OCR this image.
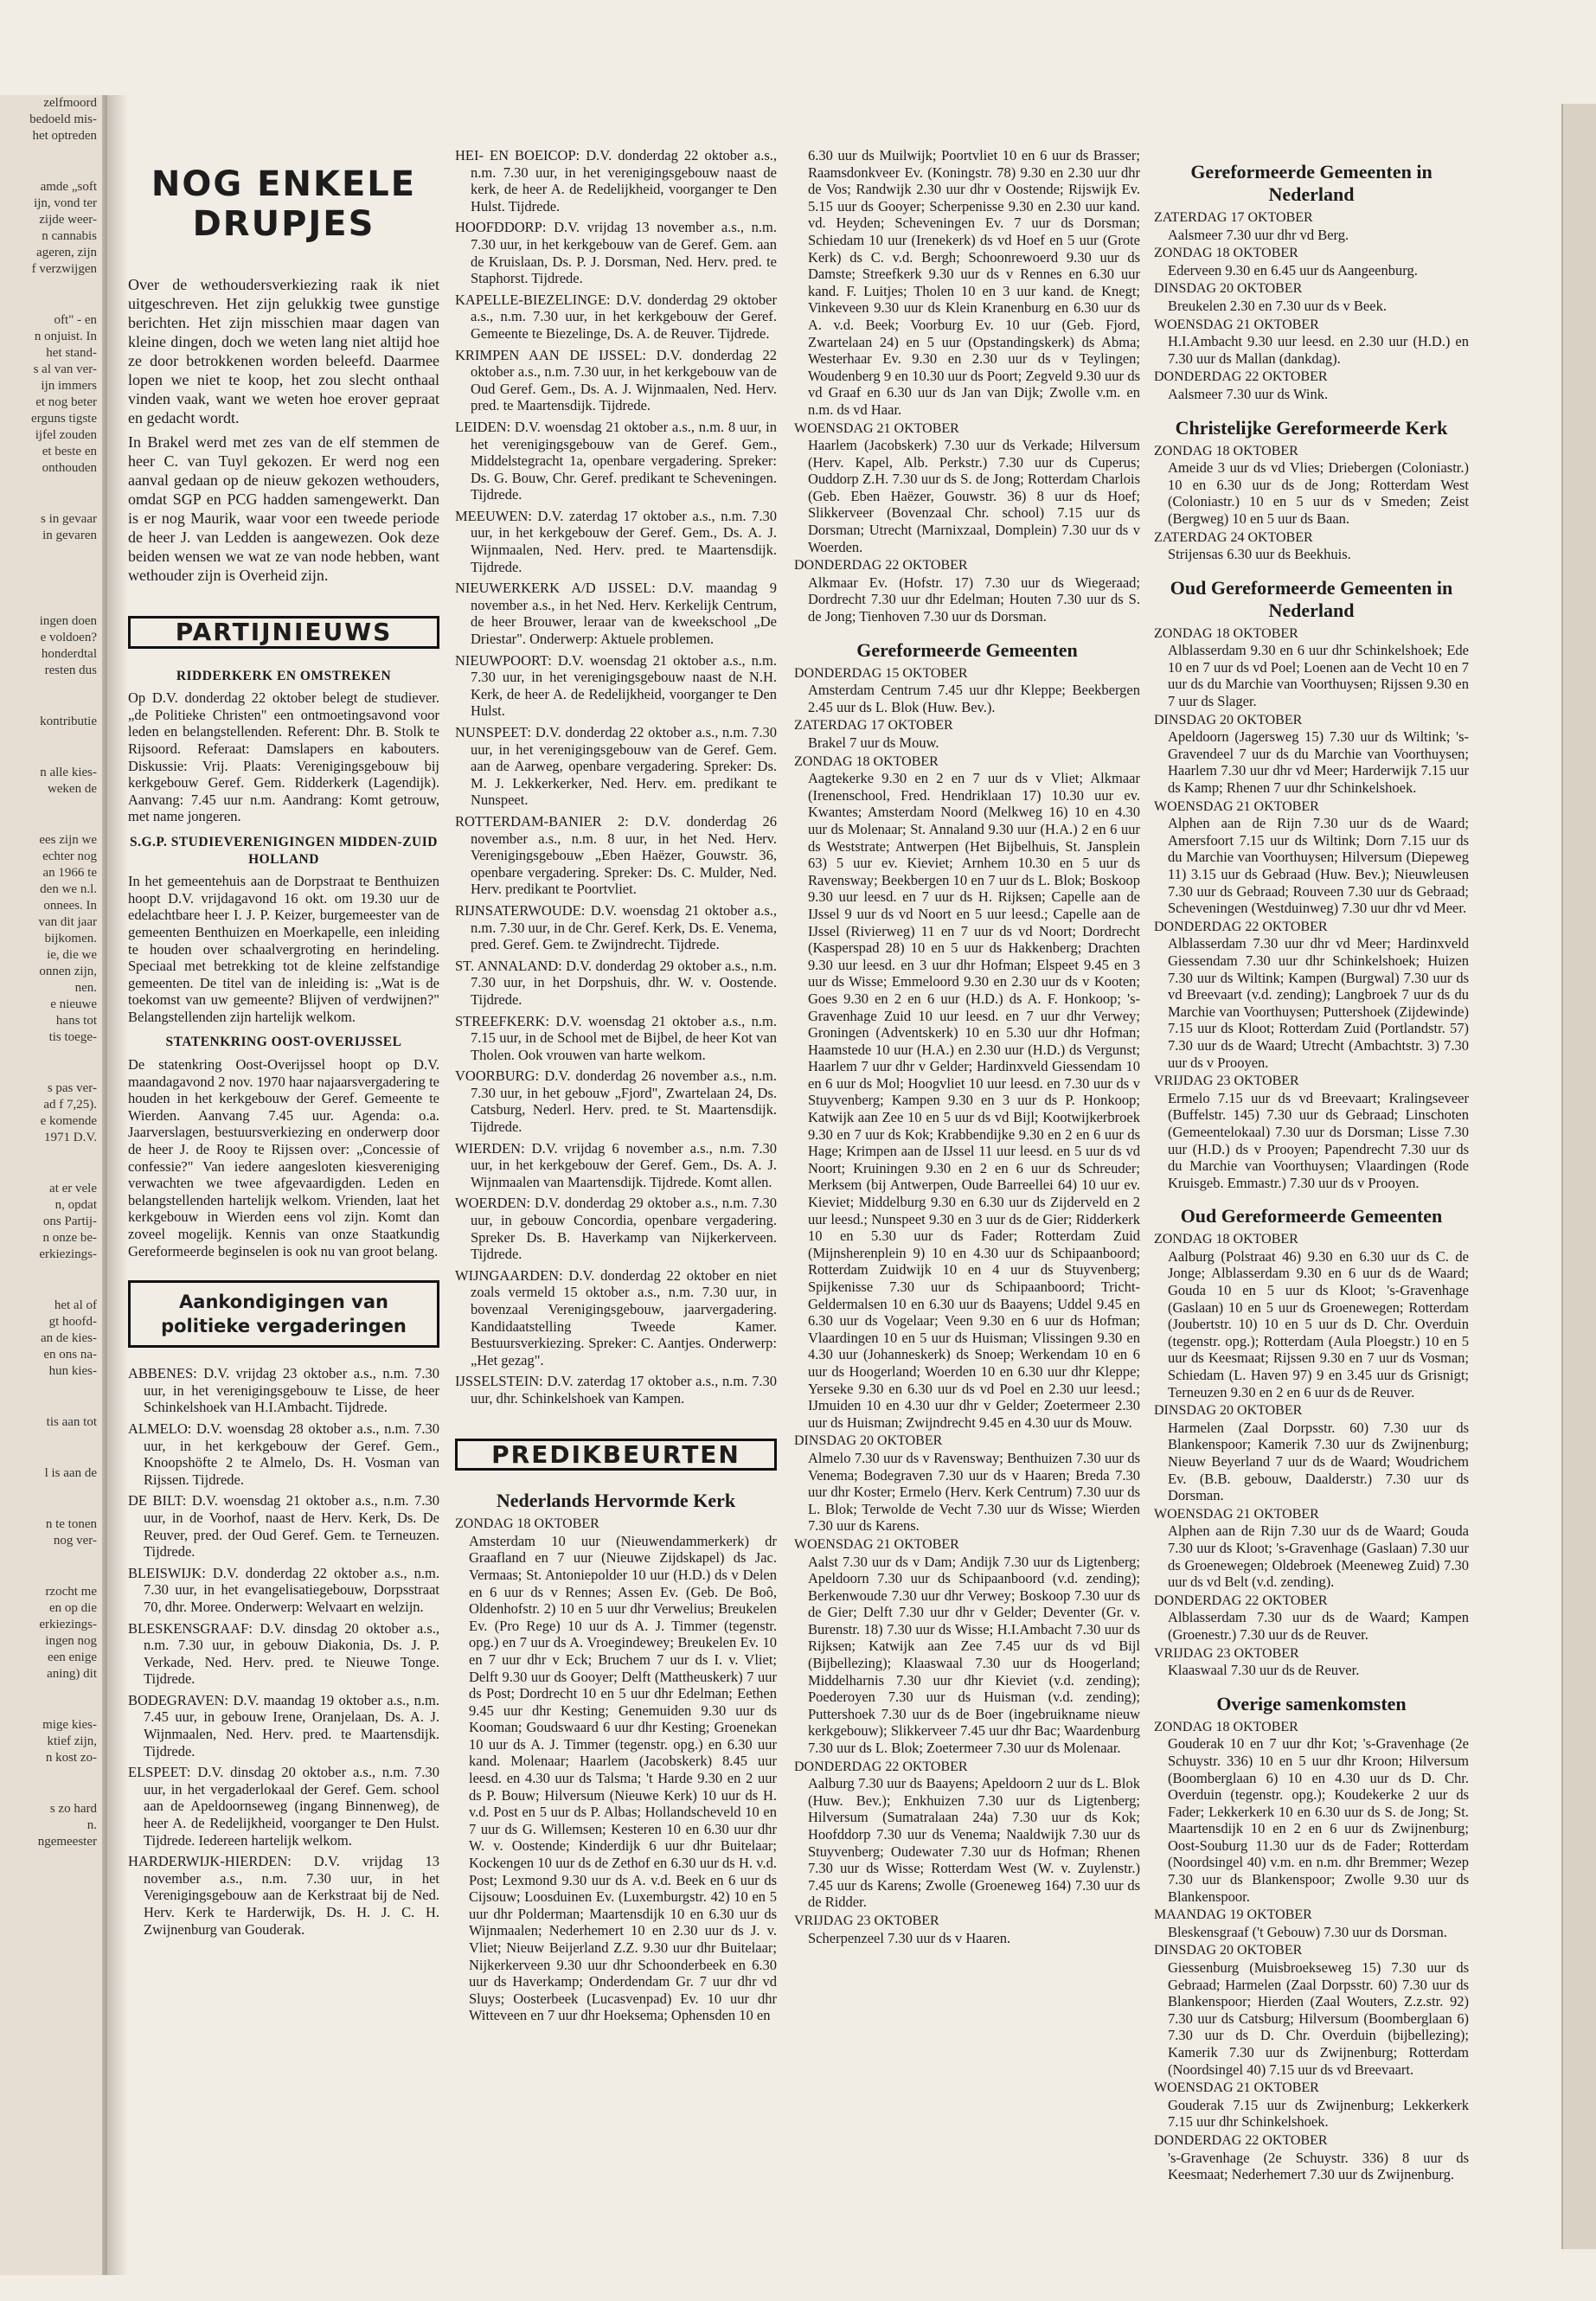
zelfmoord
bedoeld mis-
het optreden
amde „soft
ijn, vond ter
zijde weer-
n cannabis
ageren, zijn
f verzwijgen
oft" - en
n onjuist. In
het stand-
s al van ver-
ijn immers
et nog beter
erguns tigste
ijfel zouden
et beste en
onthouden
s in gevaar
in gevaren
ingen doen
e voldoen?
honderdtal
resten dus
kontributie
n alle kies-
weken de
ees zijn we
echter nog
an 1966 te
den we n.l.
onnees. In
van dit jaar
bijkomen.
ie, die we
onnen zijn,
nen.
e nieuwe
hans tot
tis toege-
s pas ver-
ad f 7,25).
e komende
1971 D.V.
at er vele
n, opdat
ons Partij-
n onze be-
erkiezings-
het al of
gt hoofd-
an de kies-
en ons na-
hun kies-
tis aan tot
l is aan de
n te tonen
nog ver-
rzocht me
en op die
erkiezings-
ingen nog
een enige
aning) dit
mige kies-
ktief zijn,
n kost zo-
s zo hard
n.
ngemeester
NOG ENKELE DRUPJES

Over de wethoudersverkiezing raak ik niet uitgeschreven. Het zijn gelukkig twee gunstige berichten. Het zijn misschien maar dagen van kleine dingen, doch we weten lang niet altijd hoe ze door betrokkenen worden beleefd. Daarmee lopen we niet te koop, het zou slecht onthaal vinden vaak, want we weten hoe erover gepraat en gedacht wordt.

In Brakel werd met zes van de elf stemmen de heer C. van Tuyl gekozen. Er werd nog een aanval gedaan op de nieuw gekozen wethouders, omdat SGP en PCG hadden samengewerkt. Dan is er nog Maurik, waar voor een tweede periode de heer J. van Ledden is aangewezen. Ook deze beiden wensen we wat ze van node hebben, want wethouder zijn is Overheid zijn.

PARTIJNIEUWS
RIDDERKERK EN OMSTREKEN

Op D.V. donderdag 22 oktober belegt de studiever. „de Politieke Christen" een ontmoetingsavond voor leden en belangstellenden. Referent: Dhr. B. Stolk te Rijsoord. Referaat: Damslapers en kabouters. Diskussie: Vrij. Plaats: Verenigingsgebouw bij kerkgebouw Geref. Gem. Ridderkerk (Lagendijk). Aanvang: 7.45 uur n.m. Aandrang: Komt getrouw, met name jongeren.

S.G.P. STUDIEVERENIGINGEN MIDDEN-ZUID HOLLAND

In het gemeentehuis aan de Dorpstraat te Benthuizen hoopt D.V. vrijdagavond 16 okt. om 19.30 uur de edelachtbare heer I. J. P. Keizer, burgemeester van de gemeenten Benthuizen en Moerkapelle, een inleiding te houden over schaalvergroting en herindeling. Speciaal met betrekking tot de kleine zelfstandige gemeenten. De titel van de inleiding is: „Wat is de toekomst van uw gemeente? Blijven of verdwijnen?" Belangstellenden zijn hartelijk welkom.

STATENKRING OOST-OVERIJSSEL

De statenkring Oost-Overijssel hoopt op D.V. maandagavond 2 nov. 1970 haar najaarsvergadering te houden in het kerkgebouw der Geref. Gemeente te Wierden. Aanvang 7.45 uur. Agenda: o.a. Jaarverslagen, bestuursverkiezing en onderwerp door de heer J. de Rooy te Rijssen over: „Concessie of confessie?" Van iedere aangesloten kiesvereniging verwachten we twee afgevaardigden. Leden en belangstellenden hartelijk welkom. Vrienden, laat het kerkgebouw in Wierden eens vol zijn. Komt dan zoveel mogelijk. Kennis van onze Staatkundig Gereformeerde beginselen is ook nu van groot belang.

Aankondigingen van politieke vergaderingen

ABBENES: D.V. vrijdag 23 oktober a.s., n.m. 7.30 uur, in het verenigingsgebouw te Lisse, de heer Schinkelshoek van H.I.Ambacht. Tijdrede.

ALMELO: D.V. woensdag 28 oktober a.s., n.m. 7.30 uur, in het kerkgebouw der Geref. Gem., Knoopshöfte 2 te Almelo, Ds. H. Vosman van Rijssen. Tijdrede.

DE BILT: D.V. woensdag 21 oktober a.s., n.m. 7.30 uur, in de Voorhof, naast de Herv. Kerk, Ds. De Reuver, pred. der Oud Geref. Gem. te Terneuzen. Tijdrede.

BLEISWIJK: D.V. donderdag 22 oktober a.s., n.m. 7.30 uur, in het evangelisatiegebouw, Dorpsstraat 70, dhr. Moree. Onderwerp: Welvaart en welzijn.

BLESKENSGRAAF: D.V. dinsdag 20 oktober a.s., n.m. 7.30 uur, in gebouw Diakonia, Ds. J. P. Verkade, Ned. Herv. pred. te Nieuwe Tonge. Tijdrede.

BODEGRAVEN: D.V. maandag 19 oktober a.s., n.m. 7.45 uur, in gebouw Irene, Oranjelaan, Ds. A. J. Wijnmaalen, Ned. Herv. pred. te Maartensdijk. Tijdrede.

ELSPEET: D.V. dinsdag 20 oktober a.s., n.m. 7.30 uur, in het vergaderlokaal der Geref. Gem. school aan de Apeldoornseweg (ingang Binnenweg), de heer A. de Redelijkheid, voorganger te Den Hulst. Tijdrede. Iedereen hartelijk welkom.

HARDERWIJK-HIERDEN: D.V. vrijdag 13 november a.s., n.m. 7.30 uur, in het Verenigingsgebouw aan de Kerkstraat bij de Ned. Herv. Kerk te Harderwijk, Ds. H. J. C. H. Zwijnenburg van Gouderak.

HEI- EN BOEICOP: D.V. donderdag 22 oktober a.s., n.m. 7.30 uur, in het verenigingsgebouw naast de kerk, de heer A. de Redelijkheid, voorganger te Den Hulst. Tijdrede.

HOOFDDORP: D.V. vrijdag 13 november a.s., n.m. 7.30 uur, in het kerkgebouw van de Geref. Gem. aan de Kruislaan, Ds. P. J. Dorsman, Ned. Herv. pred. te Staphorst. Tijdrede.

KAPELLE-BIEZELINGE: D.V. donderdag 29 oktober a.s., n.m. 7.30 uur, in het kerkgebouw der Geref. Gemeente te Biezelinge, Ds. A. de Reuver. Tijdrede.

KRIMPEN AAN DE IJSSEL: D.V. donderdag 22 oktober a.s., n.m. 7.30 uur, in het kerkgebouw van de Oud Geref. Gem., Ds. A. J. Wijnmaalen, Ned. Herv. pred. te Maartensdijk. Tijdrede.

LEIDEN: D.V. woensdag 21 oktober a.s., n.m. 8 uur, in het verenigingsgebouw van de Geref. Gem., Middelstegracht 1a, openbare vergadering. Spreker: Ds. G. Bouw, Chr. Geref. predikant te Scheveningen. Tijdrede.

MEEUWEN: D.V. zaterdag 17 oktober a.s., n.m. 7.30 uur, in het kerkgebouw der Geref. Gem., Ds. A. J. Wijnmaalen, Ned. Herv. pred. te Maartensdijk. Tijdrede.

NIEUWERKERK A/D IJSSEL: D.V. maandag 9 november a.s., in het Ned. Herv. Kerkelijk Centrum, de heer Brouwer, leraar van de kweekschool „De Driestar". Onderwerp: Aktuele problemen.

NIEUWPOORT: D.V. woensdag 21 oktober a.s., n.m. 7.30 uur, in het verenigingsgebouw naast de N.H. Kerk, de heer A. de Redelijkheid, voorganger te Den Hulst.

NUNSPEET: D.V. donderdag 22 oktober a.s., n.m. 7.30 uur, in het verenigingsgebouw van de Geref. Gem. aan de Aarweg, openbare vergadering. Spreker: Ds. M. J. Lekkerkerker, Ned. Herv. em. predikant te Nunspeet.

ROTTERDAM-BANIER 2: D.V. donderdag 26 november a.s., n.m. 8 uur, in het Ned. Herv. Verenigingsgebouw „Eben Haëzer, Gouwstr. 36, openbare vergadering. Spreker: Ds. C. Mulder, Ned. Herv. predikant te Poortvliet.

RIJNSATERWOUDE: D.V. woensdag 21 oktober a.s., n.m. 7.30 uur, in de Chr. Geref. Kerk, Ds. E. Venema, pred. Geref. Gem. te Zwijndrecht. Tijdrede.

ST. ANNALAND: D.V. donderdag 29 oktober a.s., n.m. 7.30 uur, in het Dorpshuis, dhr. W. v. Oostende. Tijdrede.

STREEFKERK: D.V. woensdag 21 oktober a.s., n.m. 7.15 uur, in de School met de Bijbel, de heer Kot van Tholen. Ook vrouwen van harte welkom.

VOORBURG: D.V. donderdag 26 november a.s., n.m. 7.30 uur, in het gebouw „Fjord", Zwartelaan 24, Ds. Catsburg, Nederl. Herv. pred. te St. Maartensdijk. Tijdrede.

WIERDEN: D.V. vrijdag 6 november a.s., n.m. 7.30 uur, in het kerkgebouw der Geref. Gem., Ds. A. J. Wijnmaalen van Maartensdijk. Tijdrede. Komt allen.

WOERDEN: D.V. donderdag 29 oktober a.s., n.m. 7.30 uur, in gebouw Concordia, openbare vergadering. Spreker Ds. B. Haverkamp van Nijkerkerveen. Tijdrede.

WIJNGAARDEN: D.V. donderdag 22 oktober en niet zoals vermeld 15 oktober a.s., n.m. 7.30 uur, in bovenzaal Verenigingsgebouw, jaarvergadering. Kandidaatstelling Tweede Kamer. Bestuursverkiezing. Spreker: C. Aantjes. Onderwerp: „Het gezag".

IJSSELSTEIN: D.V. zaterdag 17 oktober a.s., n.m. 7.30 uur, dhr. Schinkelshoek van Kampen.

PREDIKBEURTEN
Nederlands Hervormde Kerk
ZONDAG 18 OKTOBER

Amsterdam 10 uur (Nieuwendammerkerk) dr Graafland en 7 uur (Nieuwe Zijdskapel) ds Jac. Vermaas; St. Antoniepolder 10 uur (H.D.) ds v Delen en 6 uur ds v Rennes; Assen Ev. (Geb. De Boô, Oldenhofstr. 2) 10 en 5 uur dhr Verwelius; Breukelen Ev. (Pro Rege) 10 uur ds A. J. Timmer (tegenstr. opg.) en 7 uur ds A. Vroegindewey; Breukelen Ev. 10 en 7 uur dhr v Eck; Bruchem 7 uur ds I. v. Vliet; Delft 9.30 uur ds Gooyer; Delft (Mattheuskerk) 7 uur ds Post; Dordrecht 10 en 5 uur dhr Edelman; Eethen 9.45 uur dhr Kesting; Genemuiden 9.30 uur ds Kooman; Goudswaard 6 uur dhr Kesting; Groenekan 10 uur ds A. J. Timmer (tegenstr. opg.) en 6.30 uur kand. Molenaar; Haarlem (Jacobskerk) 8.45 uur leesd. en 4.30 uur ds Talsma; 't Harde 9.30 en 2 uur ds P. Bouw; Hilversum (Nieuwe Kerk) 10 uur ds H. v.d. Post en 5 uur ds P. Albas; Hollandscheveld 10 en 7 uur ds G. Willemsen; Kesteren 10 en 6.30 uur dhr W. v. Oostende; Kinderdijk 6 uur dhr Buitelaar; Kockengen 10 uur ds de Zethof en 6.30 uur ds H. v.d. Post; Lexmond 9.30 uur ds A. v.d. Beek en 6 uur ds Cijsouw; Loosduinen Ev. (Luxemburgstr. 42) 10 en 5 uur dhr Polderman; Maartensdijk 10 en 6.30 uur ds Wijnmaalen; Nederhemert 10 en 2.30 uur ds J. v. Vliet; Nieuw Beijerland Z.Z. 9.30 uur dhr Buitelaar; Nijkerkerveen 9.30 uur dhr Schoonderbeek en 6.30 uur ds Haverkamp; Onderdendam Gr. 7 uur dhr vd Sluys; Oosterbeek (Lucasvenpad) Ev. 10 uur dhr Witteveen en 7 uur dhr Hoeksema; Ophensden 10 en

6.30 uur ds Muilwijk; Poortvliet 10 en 6 uur ds Brasser; Raamsdonkveer Ev. (Koningstr. 78) 9.30 en 2.30 uur dhr de Vos; Randwijk 2.30 uur dhr v Oostende; Rijswijk Ev. 5.15 uur ds Gooyer; Scherpenisse 9.30 en 2.30 uur kand. vd. Heyden; Scheveningen Ev. 7 uur ds Dorsman; Schiedam 10 uur (Irenekerk) ds vd Hoef en 5 uur (Grote Kerk) ds C. v.d. Bergh; Schoonrewoerd 9.30 uur ds Damste; Streefkerk 9.30 uur ds v Rennes en 6.30 uur kand. F. Luitjes; Tholen 10 en 3 uur kand. de Knegt; Vinkeveen 9.30 uur ds Klein Kranenburg en 6.30 uur ds A. v.d. Beek; Voorburg Ev. 10 uur (Geb. Fjord, Zwartelaan 24) en 5 uur (Opstandingskerk) ds Abma; Westerhaar Ev. 9.30 en 2.30 uur ds v Teylingen; Woudenberg 9 en 10.30 uur ds Poort; Zegveld 9.30 uur ds vd Graaf en 6.30 uur ds Jan van Dijk; Zwolle v.m. en n.m. ds vd Haar.

WOENSDAG 21 OKTOBER

Haarlem (Jacobskerk) 7.30 uur ds Verkade; Hilversum (Herv. Kapel, Alb. Perkstr.) 7.30 uur ds Cuperus; Ouddorp Z.H. 7.30 uur ds S. de Jong; Rotterdam Charlois (Geb. Eben Haëzer, Gouwstr. 36) 8 uur ds Hoef; Slikkerveer (Bovenzaal Chr. school) 7.15 uur ds Dorsman; Utrecht (Marnixzaal, Domplein) 7.30 uur ds v Woerden.

DONDERDAG 22 OKTOBER

Alkmaar Ev. (Hofstr. 17) 7.30 uur ds Wiegeraad; Dordrecht 7.30 uur dhr Edelman; Houten 7.30 uur ds S. de Jong; Tienhoven 7.30 uur ds Dorsman.

Gereformeerde Gemeenten
DONDERDAG 15 OKTOBER

Amsterdam Centrum 7.45 uur dhr Kleppe; Beekbergen 2.45 uur ds L. Blok (Huw. Bev.).

ZATERDAG 17 OKTOBER

Brakel 7 uur ds Mouw.

ZONDAG 18 OKTOBER

Aagtekerke 9.30 en 2 en 7 uur ds v Vliet; Alkmaar (Irenenschool, Fred. Hendriklaan 17) 10.30 uur ev. Kwantes; Amsterdam Noord (Melkweg 16) 10 en 4.30 uur ds Molenaar; St. Annaland 9.30 uur (H.A.) 2 en 6 uur ds Weststrate; Antwerpen (Het Bijbelhuis, St. Jansplein 63) 5 uur ev. Kieviet; Arnhem 10.30 en 5 uur ds Ravensway; Beekbergen 10 en 7 uur ds L. Blok; Boskoop 9.30 uur leesd. en 7 uur ds H. Rijksen; Capelle aan de IJssel 9 uur ds vd Noort en 5 uur leesd.; Capelle aan de IJssel (Rivierweg) 11 en 7 uur ds vd Noort; Dordrecht (Kasperspad 28) 10 en 5 uur ds Hakkenberg; Drachten 9.30 uur leesd. en 3 uur dhr Hofman; Elspeet 9.45 en 3 uur ds Wisse; Emmeloord 9.30 en 2.30 uur ds v Kooten; Goes 9.30 en 2 en 6 uur (H.D.) ds A. F. Honkoop; 's-Gravenhage Zuid 10 uur leesd. en 7 uur dhr Verwey; Groningen (Adventskerk) 10 en 5.30 uur dhr Hofman; Haamstede 10 uur (H.A.) en 2.30 uur (H.D.) ds Vergunst; Haarlem 7 uur dhr v Gelder; Hardinxveld Giessendam 10 en 6 uur ds Mol; Hoogvliet 10 uur leesd. en 7.30 uur ds v Stuyvenberg; Kampen 9.30 en 3 uur ds P. Honkoop; Katwijk aan Zee 10 en 5 uur ds vd Bijl; Kootwijkerbroek 9.30 en 7 uur ds Kok; Krabbendijke 9.30 en 2 en 6 uur ds Hage; Krimpen aan de IJssel 11 uur leesd. en 5 uur ds vd Noort; Kruiningen 9.30 en 2 en 6 uur ds Schreuder; Merksem (bij Antwerpen, Oude Barreellei 64) 10 uur ev. Kieviet; Middelburg 9.30 en 6.30 uur ds Zijderveld en 2 uur leesd.; Nunspeet 9.30 en 3 uur ds de Gier; Ridderkerk 10 en 5.30 uur ds Fader; Rotterdam Zuid (Mijnsherenplein 9) 10 en 4.30 uur ds Schipaanboord; Rotterdam Zuidwijk 10 en 4 uur ds Stuyvenberg; Spijkenisse 7.30 uur ds Schipaanboord; Tricht-Geldermalsen 10 en 6.30 uur ds Baayens; Uddel 9.45 en 6.30 uur ds Vogelaar; Veen 9.30 en 6 uur ds Hofman; Vlaardingen 10 en 5 uur ds Huisman; Vlissingen 9.30 en 4.30 uur (Johanneskerk) ds Snoep; Werkendam 10 en 6 uur ds Hoogerland; Woerden 10 en 6.30 uur dhr Kleppe; Yerseke 9.30 en 6.30 uur ds vd Poel en 2.30 uur leesd.; IJmuiden 10 en 4.30 uur dhr v Gelder; Zoetermeer 2.30 uur ds Huisman; Zwijndrecht 9.45 en 4.30 uur ds Mouw.

DINSDAG 20 OKTOBER

Almelo 7.30 uur ds v Ravensway; Benthuizen 7.30 uur ds Venema; Bodegraven 7.30 uur ds v Haaren; Breda 7.30 uur dhr Koster; Ermelo (Herv. Kerk Centrum) 7.30 uur ds L. Blok; Terwolde de Vecht 7.30 uur ds Wisse; Wierden 7.30 uur ds Karens.

WOENSDAG 21 OKTOBER

Aalst 7.30 uur ds v Dam; Andijk 7.30 uur ds Ligtenberg; Apeldoorn 7.30 uur ds Schipaanboord (v.d. zending); Berkenwoude 7.30 uur dhr Verwey; Boskoop 7.30 uur ds de Gier; Delft 7.30 uur dhr v Gelder; Deventer (Gr. v. Burenstr. 18) 7.30 uur ds Wisse; H.I.Ambacht 7.30 uur ds Rijksen; Katwijk aan Zee 7.45 uur ds vd Bijl (Bijbellezing); Klaaswaal 7.30 uur ds Hoogerland; Middelharnis 7.30 uur dhr Kieviet (v.d. zending); Poederoyen 7.30 uur ds Huisman (v.d. zending); Puttershoek 7.30 uur ds de Boer (ingebruikname nieuw kerkgebouw); Slikkerveer 7.45 uur dhr Bac; Waardenburg 7.30 uur ds L. Blok; Zoetermeer 7.30 uur ds Molenaar.

DONDERDAG 22 OKTOBER

Aalburg 7.30 uur ds Baayens; Apeldoorn 2 uur ds L. Blok (Huw. Bev.); Enkhuizen 7.30 uur ds Ligtenberg; Hilversum (Sumatralaan 24a) 7.30 uur ds Kok; Hoofddorp 7.30 uur ds Venema; Naaldwijk 7.30 uur ds Stuyvenberg; Oudewater 7.30 uur ds Hofman; Rhenen 7.30 uur ds Wisse; Rotterdam West (W. v. Zuylenstr.) 7.45 uur ds Karens; Zwolle (Groeneweg 164) 7.30 uur ds de Ridder.

VRIJDAG 23 OKTOBER

Scherpenzeel 7.30 uur ds v Haaren.

Gereformeerde Gemeenten in Nederland
ZATERDAG 17 OKTOBER

Aalsmeer 7.30 uur dhr vd Berg.

ZONDAG 18 OKTOBER

Ederveen 9.30 en 6.45 uur ds Aangeenburg.

DINSDAG 20 OKTOBER

Breukelen 2.30 en 7.30 uur ds v Beek.

WOENSDAG 21 OKTOBER

H.I.Ambacht 9.30 uur leesd. en 2.30 uur (H.D.) en 7.30 uur ds Mallan (dankdag).

DONDERDAG 22 OKTOBER

Aalsmeer 7.30 uur ds Wink.

Christelijke Gereformeerde Kerk
ZONDAG 18 OKTOBER

Ameide 3 uur ds vd Vlies; Driebergen (Coloniastr.) 10 en 6.30 uur ds de Jong; Rotterdam West (Coloniastr.) 10 en 5 uur ds v Smeden; Zeist (Bergweg) 10 en 5 uur ds Baan.

ZATERDAG 24 OKTOBER

Strijensas 6.30 uur ds Beekhuis.

Oud Gereformeerde Gemeenten in Nederland
ZONDAG 18 OKTOBER

Alblasserdam 9.30 en 6 uur dhr Schinkelshoek; Ede 10 en 7 uur ds vd Poel; Loenen aan de Vecht 10 en 7 uur ds du Marchie van Voorthuysen; Rijssen 9.30 en 7 uur ds Slager.

DINSDAG 20 OKTOBER

Apeldoorn (Jagersweg 15) 7.30 uur ds Wiltink; 's-Gravendeel 7 uur ds du Marchie van Voorthuysen; Haarlem 7.30 uur dhr vd Meer; Harderwijk 7.15 uur ds Kamp; Rhenen 7 uur dhr Schinkelshoek.

WOENSDAG 21 OKTOBER

Alphen aan de Rijn 7.30 uur ds de Waard; Amersfoort 7.15 uur ds Wiltink; Dorn 7.15 uur ds du Marchie van Voorthuysen; Hilversum (Diepeweg 11) 3.15 uur ds Gebraad (Huw. Bev.); Nieuwleusen 7.30 uur ds Gebraad; Rouveen 7.30 uur ds Gebraad; Scheveningen (Westduinweg) 7.30 uur dhr vd Meer.

DONDERDAG 22 OKTOBER

Alblasserdam 7.30 uur dhr vd Meer; Hardinxveld Giessendam 7.30 uur dhr Schinkelshoek; Huizen 7.30 uur ds Wiltink; Kampen (Burgwal) 7.30 uur ds vd Breevaart (v.d. zending); Langbroek 7 uur ds du Marchie van Voorthuysen; Puttershoek (Zijdewinde) 7.15 uur ds Kloot; Rotterdam Zuid (Portlandstr. 57) 7.30 uur ds de Waard; Utrecht (Ambachtstr. 3) 7.30 uur ds v Prooyen.

VRIJDAG 23 OKTOBER

Ermelo 7.15 uur ds vd Breevaart; Kralingseveer (Buffelstr. 145) 7.30 uur ds Gebraad; Linschoten (Gemeentelokaal) 7.30 uur ds Dorsman; Lisse 7.30 uur (H.D.) ds v Prooyen; Papendrecht 7.30 uur ds du Marchie van Voorthuysen; Vlaardingen (Rode Kruisgeb. Emmastr.) 7.30 uur ds v Prooyen.

Oud Gereformeerde Gemeenten
ZONDAG 18 OKTOBER

Aalburg (Polstraat 46) 9.30 en 6.30 uur ds C. de Jonge; Alblasserdam 9.30 en 6 uur ds de Waard; Gouda 10 en 5 uur ds Kloot; 's-Gravenhage (Gaslaan) 10 en 5 uur ds Groenewegen; Rotterdam (Joubertstr. 10) 10 en 5 uur ds D. Chr. Overduin (tegenstr. opg.); Rotterdam (Aula Ploegstr.) 10 en 5 uur ds Keesmaat; Rijssen 9.30 en 7 uur ds Vosman; Schiedam (L. Haven 97) 9 en 3.45 uur ds Grisnigt; Terneuzen 9.30 en 2 en 6 uur ds de Reuver.

DINSDAG 20 OKTOBER

Harmelen (Zaal Dorpsstr. 60) 7.30 uur ds Blankenspoor; Kamerik 7.30 uur ds Zwijnenburg; Nieuw Beyerland 7 uur ds de Waard; Woudrichem Ev. (B.B. gebouw, Daalderstr.) 7.30 uur ds Dorsman.

WOENSDAG 21 OKTOBER

Alphen aan de Rijn 7.30 uur ds de Waard; Gouda 7.30 uur ds Kloot; 's-Gravenhage (Gaslaan) 7.30 uur ds Groenewegen; Oldebroek (Meeneweg Zuid) 7.30 uur ds vd Belt (v.d. zending).

DONDERDAG 22 OKTOBER

Alblasserdam 7.30 uur ds de Waard; Kampen (Groenestr.) 7.30 uur ds de Reuver.

VRIJDAG 23 OKTOBER

Klaaswaal 7.30 uur ds de Reuver.

Overige samenkomsten
ZONDAG 18 OKTOBER

Gouderak 10 en 7 uur dhr Kot; 's-Gravenhage (2e Schuystr. 336) 10 en 5 uur dhr Kroon; Hilversum (Boomberglaan 6) 10 en 4.30 uur ds D. Chr. Overduin (tegenstr. opg.); Koudekerke 2 uur ds Fader; Lekkerkerk 10 en 6.30 uur ds S. de Jong; St. Maartensdijk 10 en 2 en 6 uur ds Zwijnenburg; Oost-Souburg 11.30 uur ds de Fader; Rotterdam (Noordsingel 40) v.m. en n.m. dhr Bremmer; Wezep 7.30 uur ds Blankenspoor; Zwolle 9.30 uur ds Blankenspoor.

MAANDAG 19 OKTOBER

Bleskensgraaf ('t Gebouw) 7.30 uur ds Dorsman.

DINSDAG 20 OKTOBER

Giessenburg (Muisbroekseweg 15) 7.30 uur ds Gebraad; Harmelen (Zaal Dorpsstr. 60) 7.30 uur ds Blankenspoor; Hierden (Zaal Wouters, Z.z.str. 92) 7.30 uur ds Catsburg; Hilversum (Boomberglaan 6) 7.30 uur ds D. Chr. Overduin (bijbellezing); Kamerik 7.30 uur ds Zwijnenburg; Rotterdam (Noordsingel 40) 7.15 uur ds vd Breevaart.

WOENSDAG 21 OKTOBER

Gouderak 7.15 uur ds Zwijnenburg; Lekkerkerk 7.15 uur dhr Schinkelshoek.

DONDERDAG 22 OKTOBER

's-Gravenhage (2e Schuystr. 336) 8 uur ds Keesmaat; Nederhemert 7.30 uur ds Zwijnenburg.
